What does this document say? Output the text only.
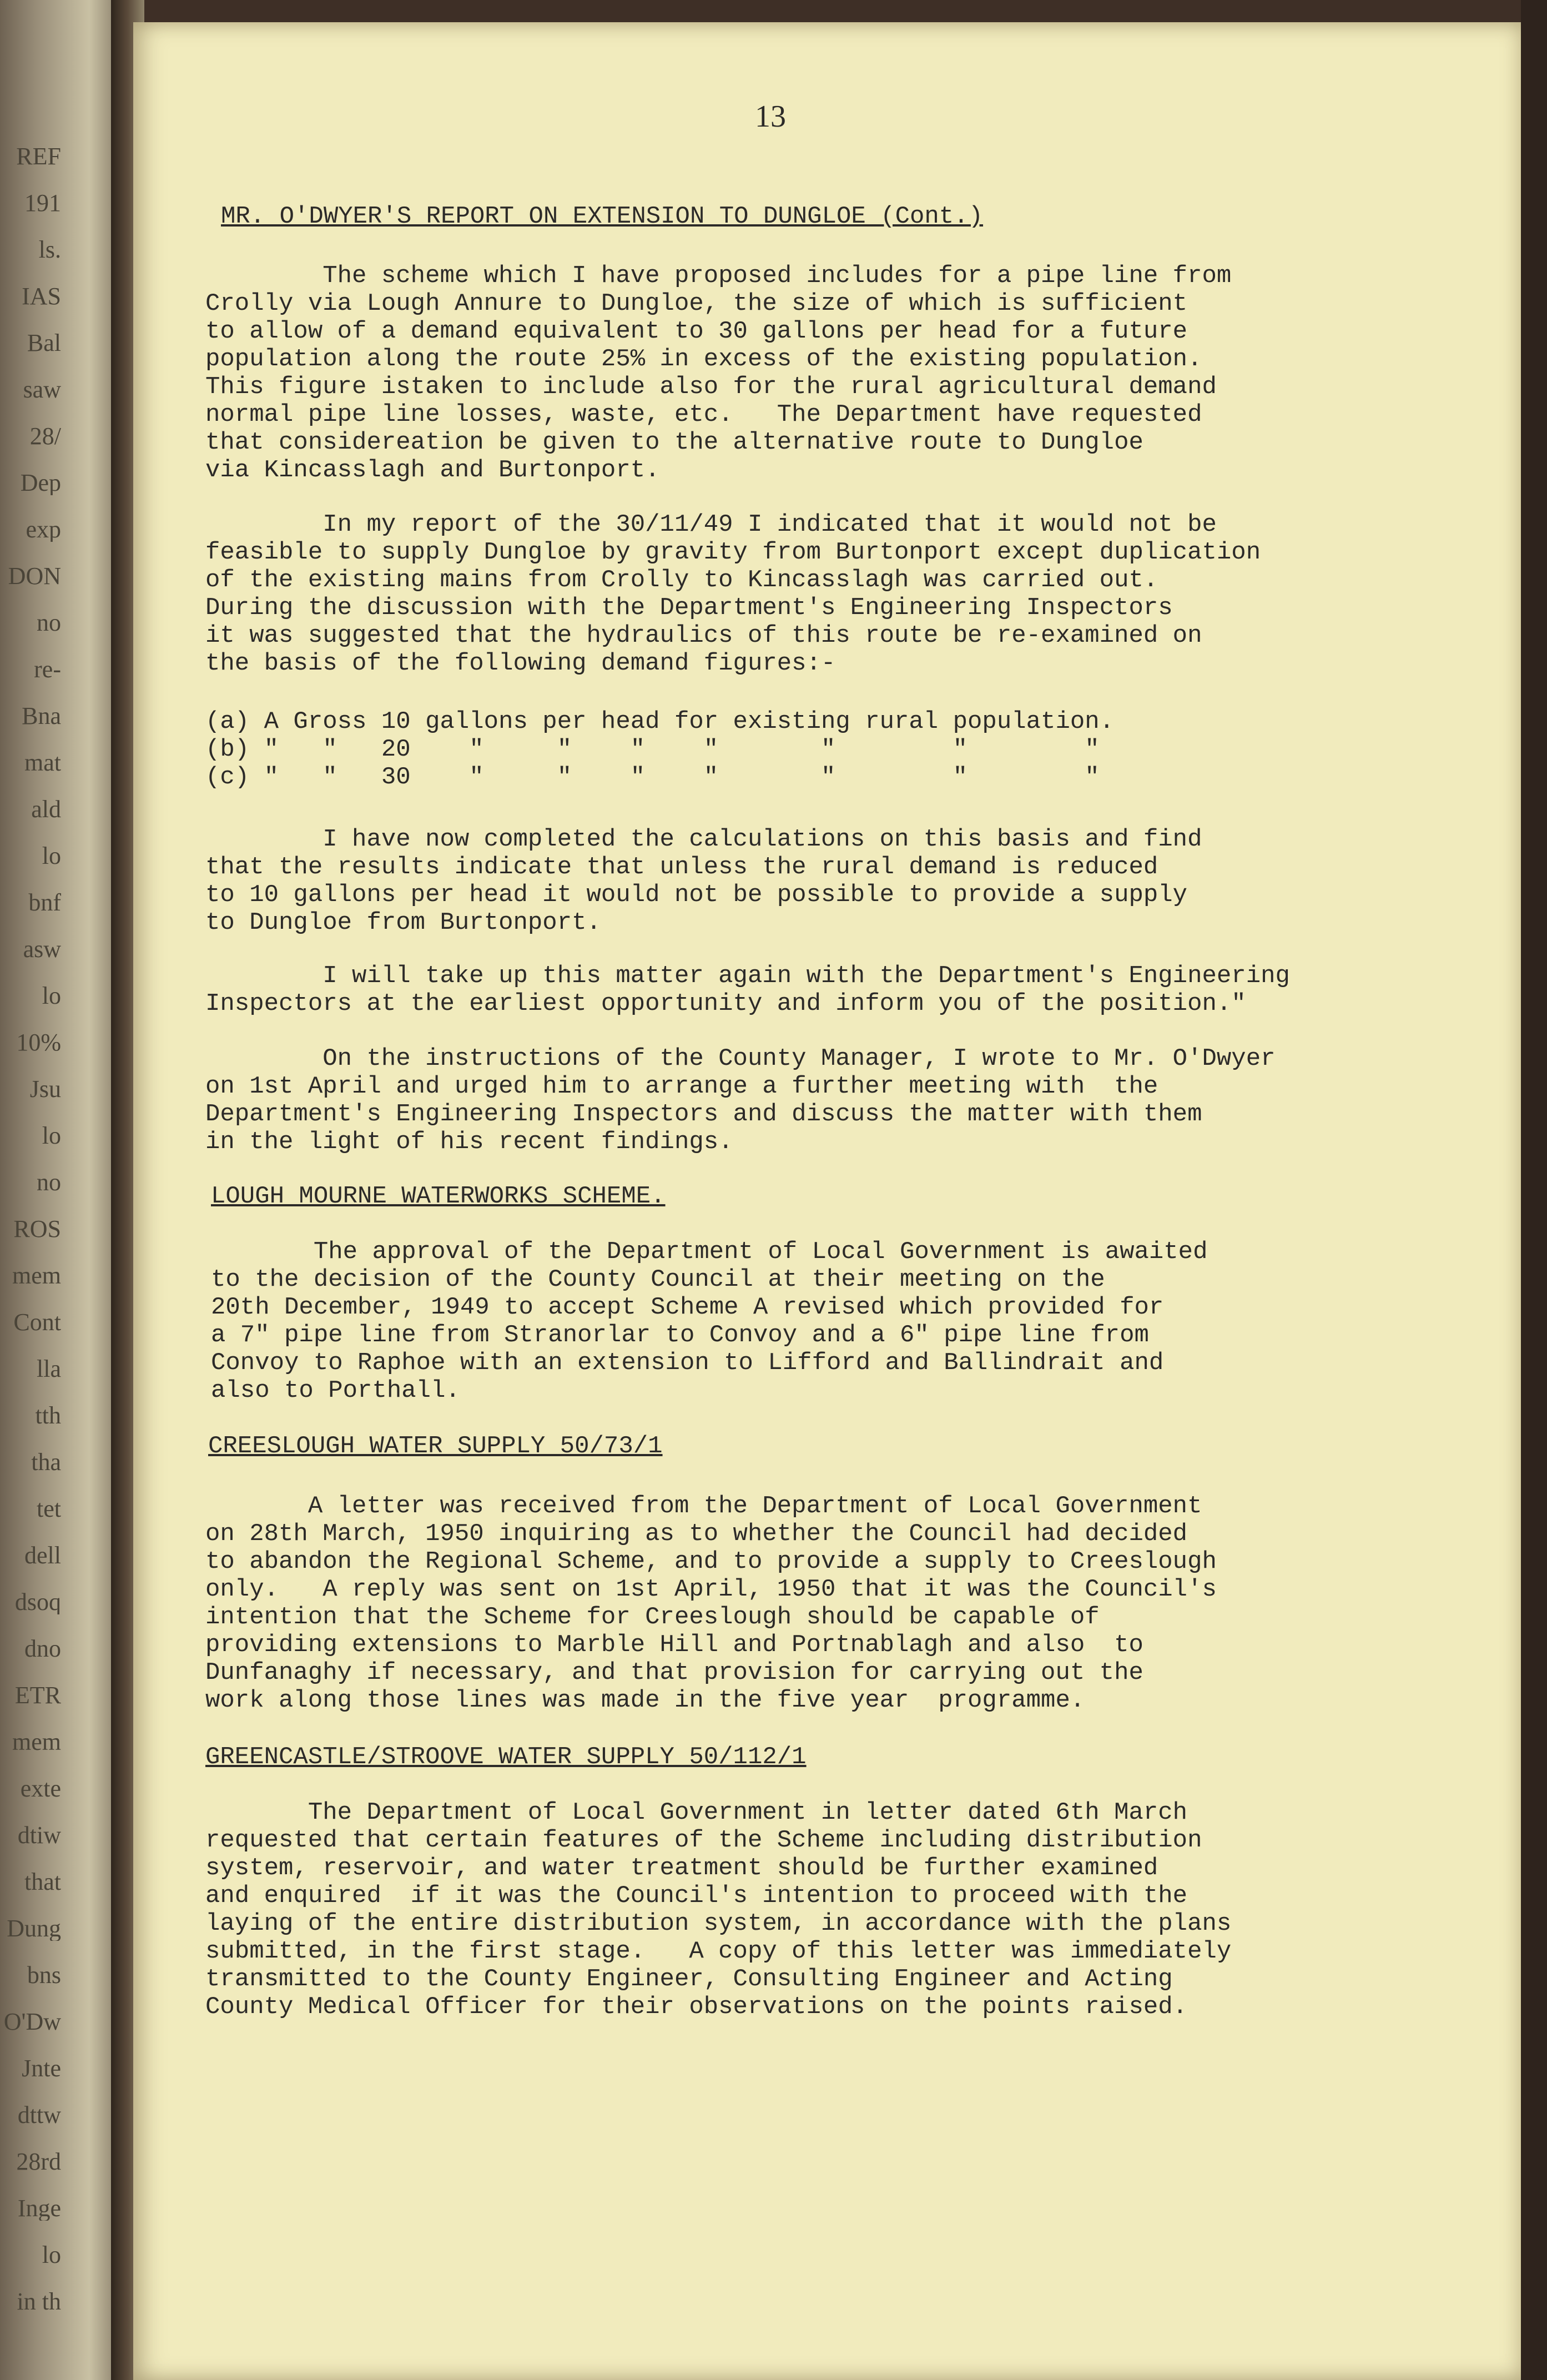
REF
191
ls.
IAS
Bal
saw
28/
Dep
exp
DON
no
re-
Bna
mat
ald
lo
bnf
asw
lo
10%
Jsu
lo
no
ROS
mem
Cont
lla
tth
tha
tet
dell
dsoq
dno
ETR
mem
exte
dtiw
that
Dung
bns
O'Dw
Jnte
dttw
28rd
Inge
lo
in th
13
MR. O'DWYER'S REPORT ON EXTENSION TO DUNGLOE (Cont.)
The scheme which I have proposed includes for a pipe line from
Crolly via Lough Annure to Dungloe, the size of which is sufficient
to allow of a demand equivalent to 30 gallons per head for a future
population along the route 25% in excess of the existing population.
This figure istaken to include also for the rural agricultural demand
normal pipe line losses, waste, etc.   The Department have requested
that considereation be given to the alternative route to Dungloe
via Kincasslagh and Burtonport.
In my report of the 30/11/49 I indicated that it would not be
feasible to supply Dungloe by gravity from Burtonport except duplication
of the existing mains from Crolly to Kincasslagh was carried out.
During the discussion with the Department's Engineering Inspectors
it was suggested that the hydraulics of this route be re-examined on
the basis of the following demand figures:-
(a) A Gross 10 gallons per head for existing rural population.
(b) "   "   20    "     "    "    "       "        "        "
(c) "   "   30    "     "    "    "       "        "        "
I have now completed the calculations on this basis and find
that the results indicate that unless the rural demand is reduced
to 10 gallons per head it would not be possible to provide a supply
to Dungloe from Burtonport.
I will take up this matter again with the Department's Engineering
Inspectors at the earliest opportunity and inform you of the position."
On the instructions of the County Manager, I wrote to Mr. O'Dwyer
on 1st April and urged him to arrange a further meeting with  the
Department's Engineering Inspectors and discuss the matter with them
in the light of his recent findings.
LOUGH MOURNE WATERWORKS SCHEME.
The approval of the Department of Local Government is awaited
to the decision of the County Council at their meeting on the
20th December, 1949 to accept Scheme A revised which provided for
a 7" pipe line from Stranorlar to Convoy and a 6" pipe line from
Convoy to Raphoe with an extension to Lifford and Ballindrait and
also to Porthall.
CREESLOUGH WATER SUPPLY 50/73/1
A letter was received from the Department of Local Government
on 28th March, 1950 inquiring as to whether the Council had decided
to abandon the Regional Scheme, and to provide a supply to Creeslough
only.   A reply was sent on 1st April, 1950 that it was the Council's
intention that the Scheme for Creeslough should be capable of
providing extensions to Marble Hill and Portnablagh and also  to
Dunfanaghy if necessary, and that provision for carrying out the
work along those lines was made in the five year  programme.
GREENCASTLE/STROOVE WATER SUPPLY 50/112/1
The Department of Local Government in letter dated 6th March
requested that certain features of the Scheme including distribution
system, reservoir, and water treatment should be further examined
and enquired  if it was the Council's intention to proceed with the
laying of the entire distribution system, in accordance with the plans
submitted, in the first stage.   A copy of this letter was immediately
transmitted to the County Engineer, Consulting Engineer and Acting
County Medical Officer for their observations on the points raised.
